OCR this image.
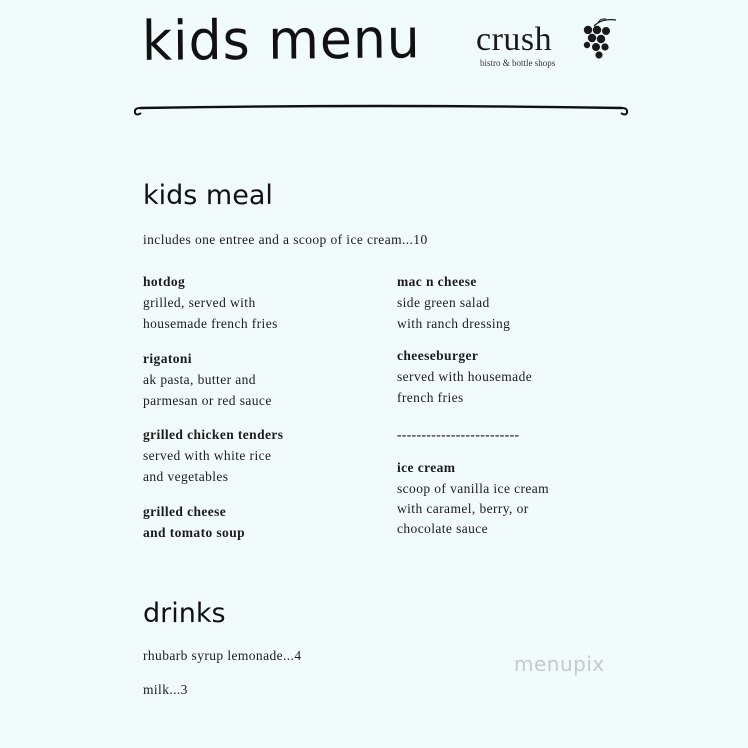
kids menu crush
bistro & bottle shops
kids meal
includes one entree and a scoop of ice cream...10
hotdog
grilled, served with
housemade french fries
rigatoni
ak pasta, butter and
parmesan or red sauce
grilled chicken tenders
served with white rice
and vegetables
grilled cheese
and tomato soup
mac n cheese
side green salad
with ranch dressing
cheeseburger
served with housemade
french fries
-------------------------
ice cream
scoop of vanilla ice cream
with caramel, berry, or
chocolate sauce
drinks
rhubarb syrup lemonade...4
milk...3
menupix
